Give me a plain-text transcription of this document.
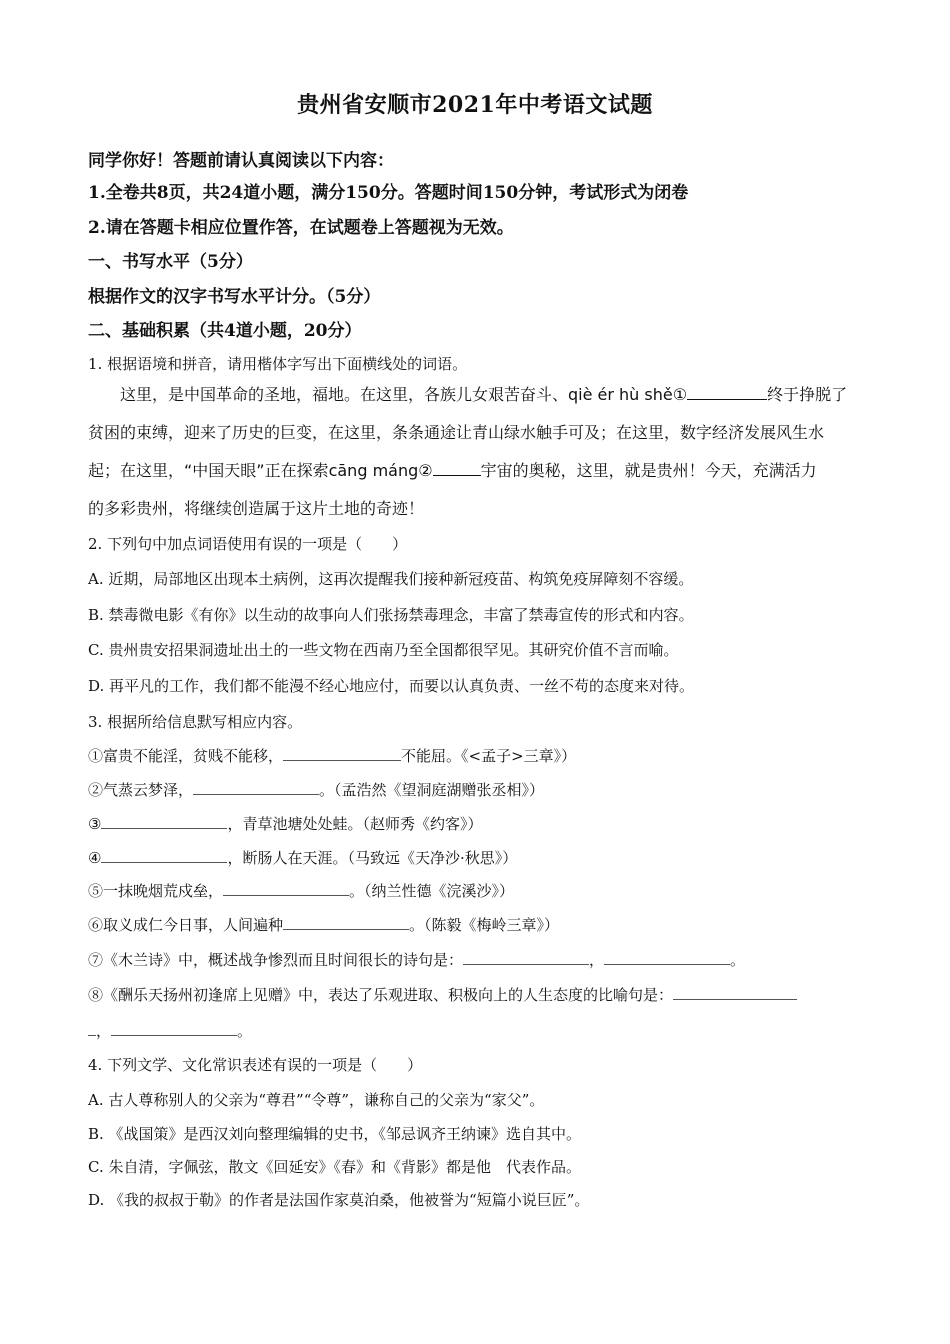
贵州省安顺市2021年中考语文试题
同学你好！答题前请认真阅读以下内容：
1.全卷共8页，共24道小题，满分150分。答题时间150分钟，考试形式为闭卷
2.请在答题卡相应位置作答，在试题卷上答题视为无效。
一、书写水平（5分）
根据作文的汉字书写水平计分。（5分）
二、基础积累（共4道小题，20分）
1. 根据语境和拼音，请用楷体字写出下面横线处的词语。
这里，是中国革命的圣地，福地。在这里，各族儿女艰苦奋斗、qiè ér hù shě①	终于挣脱了
贫困的束缚，迎来了历史的巨变，在这里，条条通途让青山绿水触手可及；在这里，数字经济发展风生水
起；在这里，“中国天眼”正在探索cāng máng②	宇宙的奥秘，这里，就是贵州！今天，充满活力
的多彩贵州，将继续创造属于这片土地的奇迹！
2. 下列句中加点词语使用有误的一项是（　　）
A. 近期，局部地区出现本土病例，这再次提醒我们接种新冠疫苗、构筑免疫屏障刻不容缓。
B. 禁毒微电影《有你》以生动的故事向人们张扬禁毒理念，丰富了禁毒宣传的形式和内容。
C. 贵州贵安招果洞遗址出土的一些文物在西南乃至全国都很罕见。其研究价值不言而喻。
D. 再平凡的工作，我们都不能漫不经心地应付，而要以认真负责、一丝不苟的态度来对待。
3. 根据所给信息默写相应内容。
①富贵不能淫，贫贱不能移，	不能屈。《<孟子>三章》）
②气蒸云梦泽，	。（孟浩然《望洞庭湖赠张丞相》）
③	，青草池塘处处蛙。（赵师秀《约客》）
④	，断肠人在天涯。（马致远《天净沙·秋思》）
⑤一抹晚烟荒戍垒，	。（纳兰性德《浣溪沙》）
⑥取义成仁今日事，人间遍种	。（陈毅《梅岭三章》）
⑦《木兰诗》中，概述战争惨烈而且时间很长的诗句是：	，	。
⑧《酬乐天扬州初逢席上见赠》中，表达了乐观进取、积极向上的人生态度的比喻句是：
，	。
4. 下列文学、文化常识表述有误的一项是（　　）
A. 古人尊称别人的父亲为“尊君”“令尊”，谦称自己的父亲为“家父”。
B. 《战国策》是西汉刘向整理编辑的史书，《邹忌讽齐王纳谏》选自其中。
C. 朱自清，字佩弦，散文《回延安》《春》和《背影》都是他　代表作品。
D. 《我的叔叔于勒》的作者是法国作家莫泊桑，他被誉为“短篇小说巨匠”。
